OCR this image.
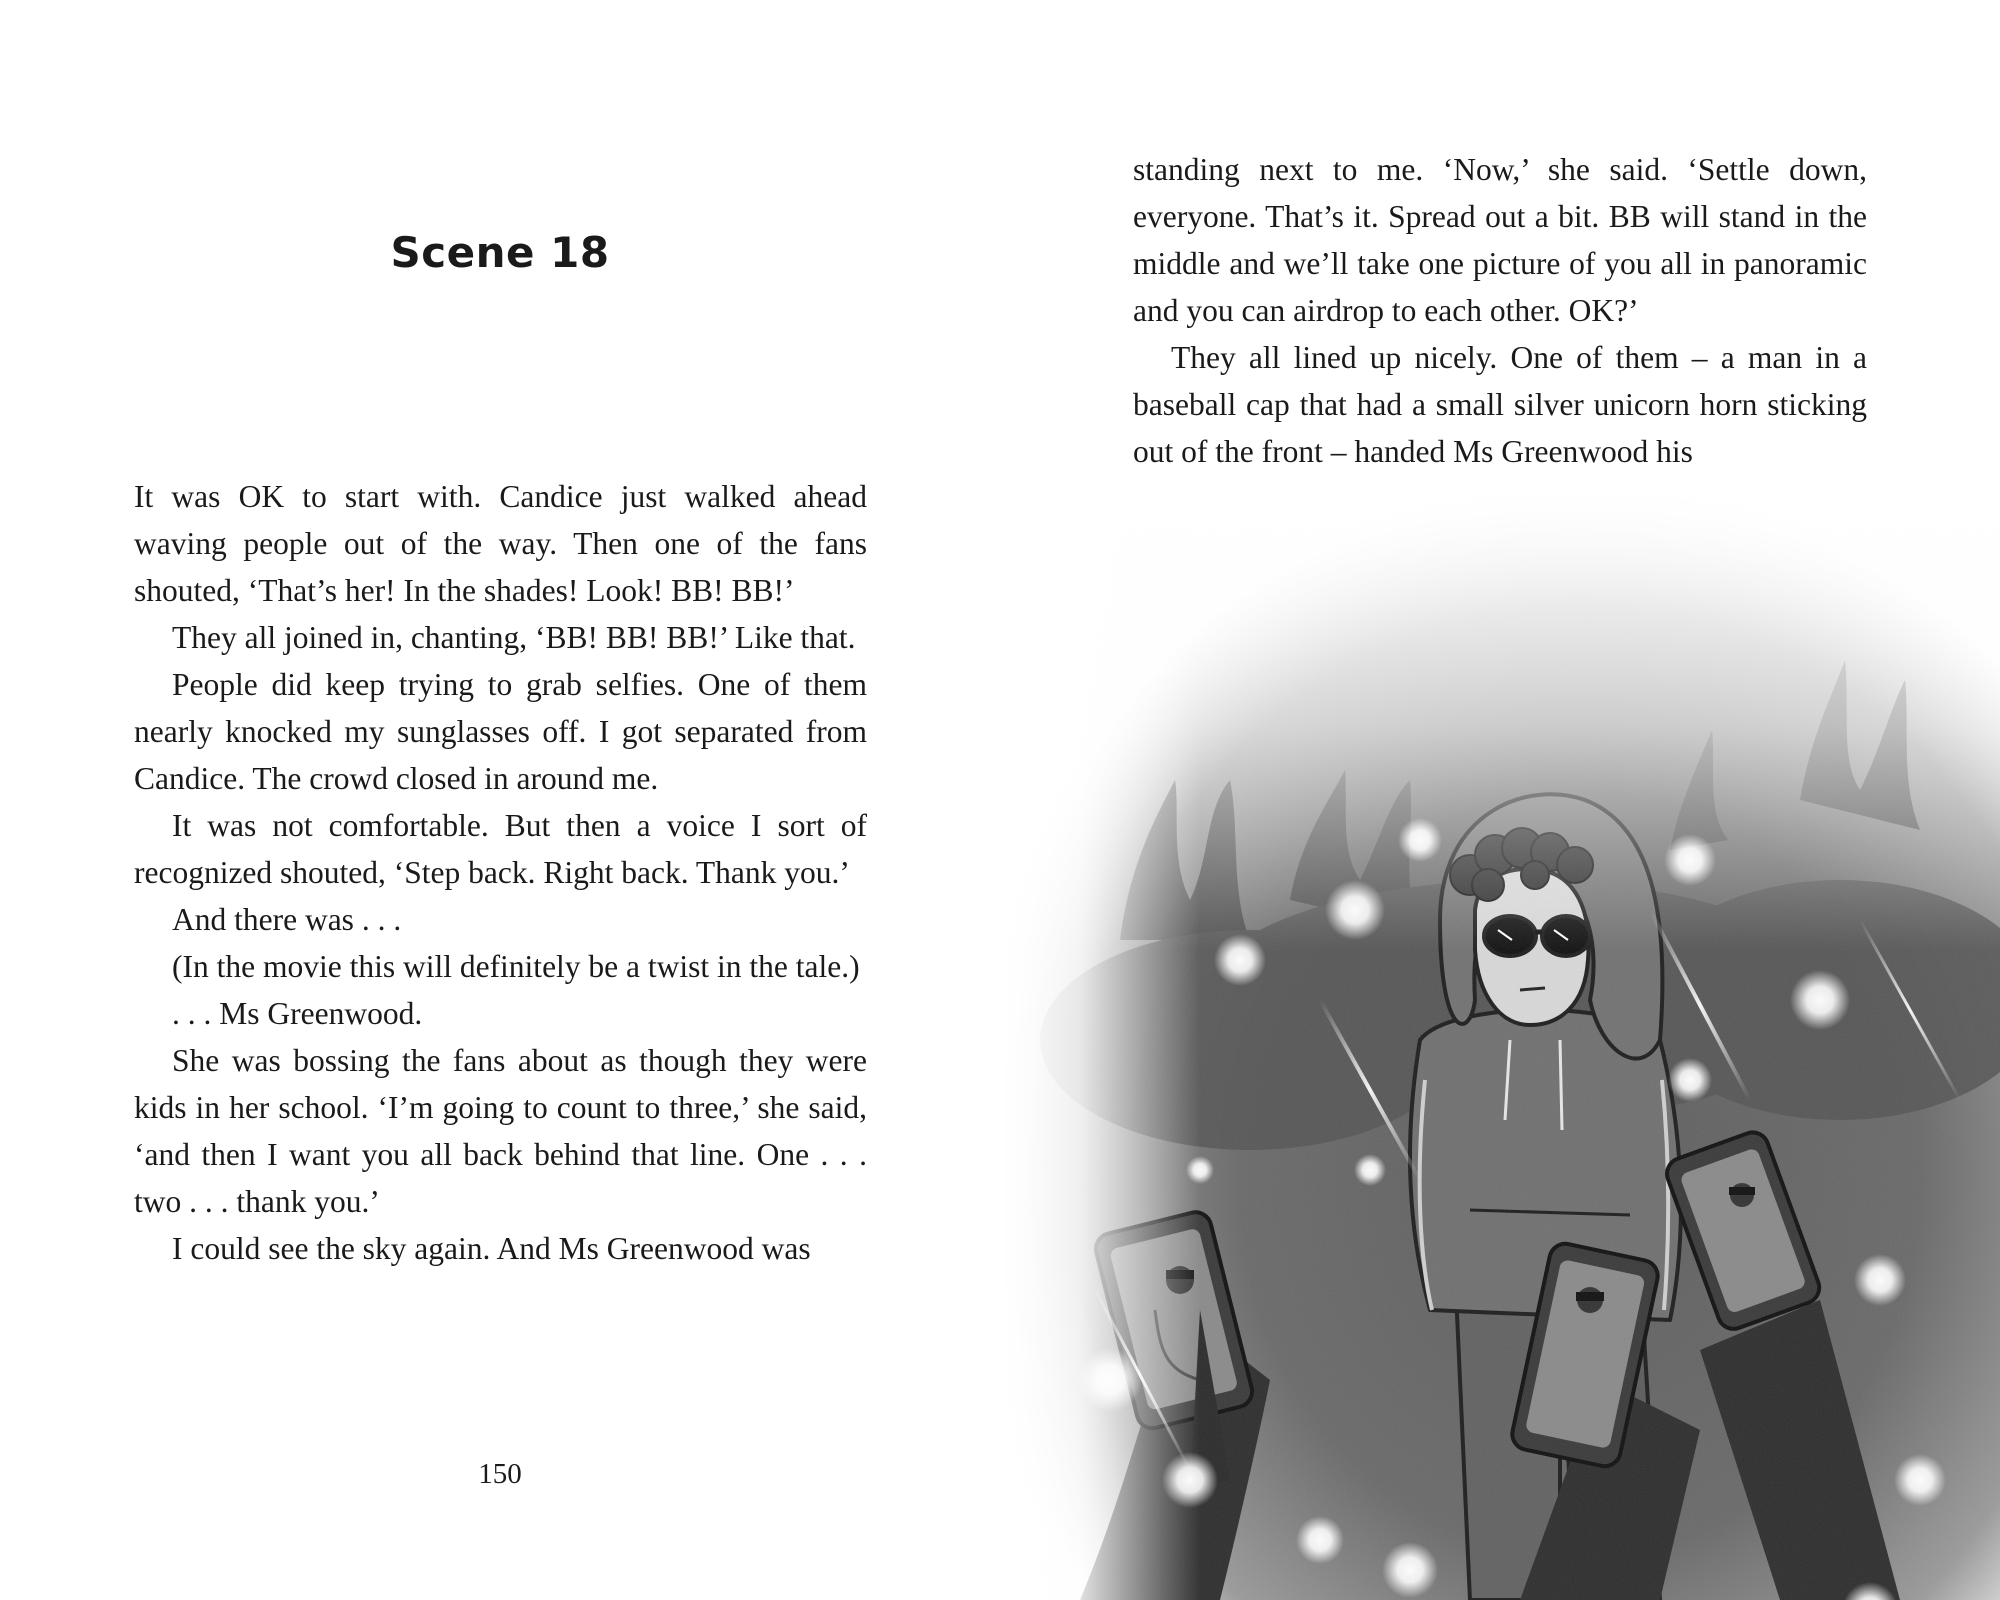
Scene 18

It was OK to start with. Candice just walked ahead waving people out of the way. Then one of the fans shouted, ‘That’s her! In the shades! Look! BB! BB!’

They all joined in, chanting, ‘BB! BB! BB!’ Like that.

People did keep trying to grab selfies. One of them nearly knocked my sunglasses off. I got separated from Candice. The crowd closed in around me.

It was not comfortable. But then a voice I sort of recognized shouted, ‘Step back. Right back. Thank you.’

And there was . . .

(In the movie this will definitely be a twist in the tale.)

. . . Ms Greenwood.

She was bossing the fans about as though they were kids in her school. ‘I’m going to count to three,’ she said, ‘and then I want you all back behind that line. One . . . two . . . thank you.’

I could see the sky again. And Ms Greenwood was

150

standing next to me. ‘Now,’ she said. ‘Settle down, everyone. That’s it. Spread out a bit. BB will stand in the middle and we’ll take one picture of you all in panoramic and you can airdrop to each other. OK?’

They all lined up nicely. One of them – a man in a baseball cap that had a small silver unicorn horn sticking out of the front – handed Ms Greenwood his
